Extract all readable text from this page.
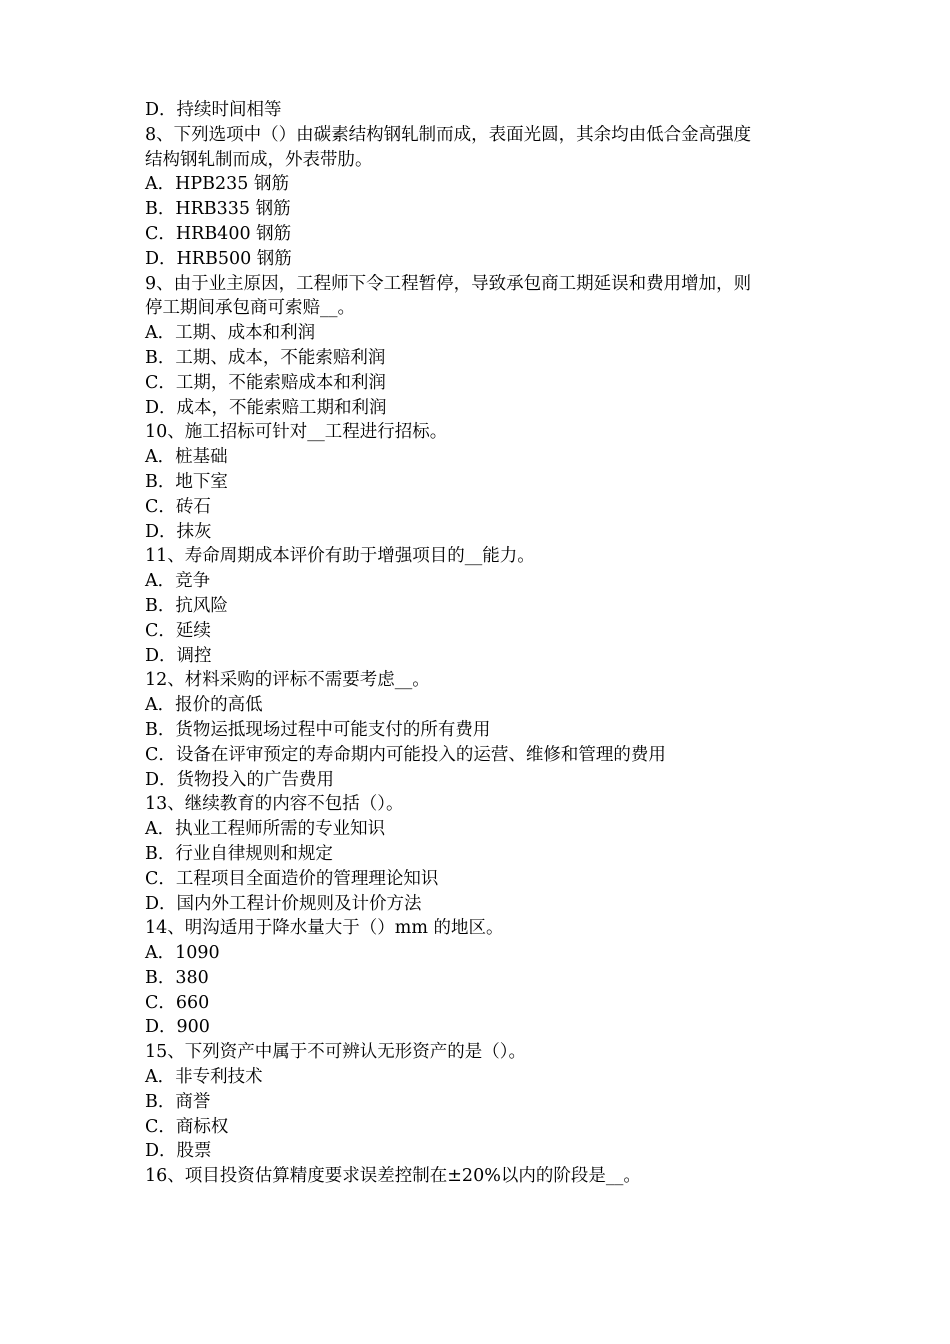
D．持续时间相等

8、下列选项中（）由碳素结构钢轧制而成，表面光圆，其余均由低合金高强度

结构钢轧制而成，外表带肋。

A．HPB235 钢筋

B．HRB335 钢筋

C．HRB400 钢筋

D．HRB500 钢筋

9、由于业主原因，工程师下令工程暂停，导致承包商工期延误和费用增加，则

停工期间承包商可索赔__。

A．工期、成本和利润

B．工期、成本，不能索赔利润

C．工期，不能索赔成本和利润

D．成本，不能索赔工期和利润

10、施工招标可针对__工程进行招标。

A．桩基础

B．地下室

C．砖石

D．抹灰

11、寿命周期成本评价有助于增强项目的__能力。

A．竞争

B．抗风险

C．延续

D．调控

12、材料采购的评标不需要考虑__。

A．报价的高低

B．货物运抵现场过程中可能支付的所有费用

C．设备在评审预定的寿命期内可能投入的运营、维修和管理的费用

D．货物投入的广告费用

13、继续教育的内容不包括（）。

A．执业工程师所需的专业知识

B．行业自律规则和规定

C．工程项目全面造价的管理理论知识

D．国内外工程计价规则及计价方法

14、明沟适用于降水量大于（）mm 的地区。

A．1090

B．380

C．660

D．900

15、下列资产中属于不可辨认无形资产的是（）。

A．非专利技术

B．商誉

C．商标权

D．股票

16、项目投资估算精度要求误差控制在±20%以内的阶段是__。
